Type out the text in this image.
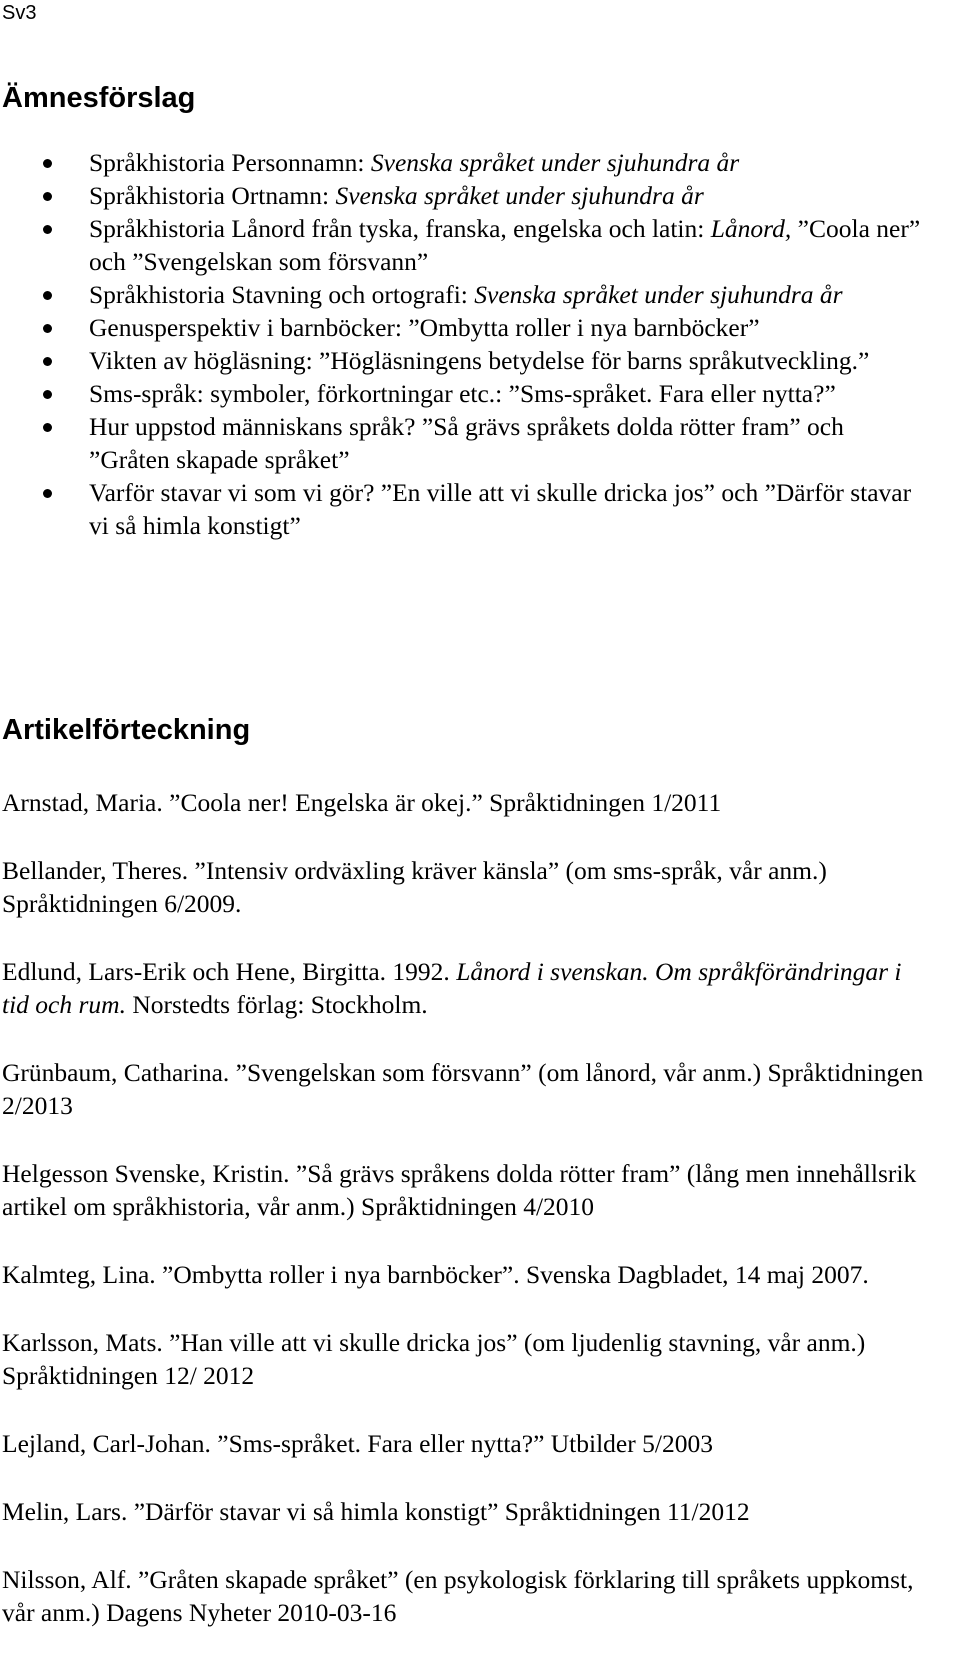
Sv3
Ämnesförslag
Språkhistoria Personnamn: Svenska språket under sjuhundra år
Språkhistoria Ortnamn: Svenska språket under sjuhundra år
Språkhistoria Lånord från tyska, franska, engelska och latin: Lånord, ”Coola ner” och ”Svengelskan som försvann”
Språkhistoria Stavning och ortografi: Svenska språket under sjuhundra år
Genusperspektiv i barnböcker: ”Ombytta roller i nya barnböcker”
Vikten av högläsning: ”Högläsningens betydelse för barns språkutveckling.”
Sms-språk: symboler, förkortningar etc.: ”Sms-språket. Fara eller nytta?”
Hur uppstod människans språk? ”Så grävs språkets dolda rötter fram” och ”Gråten skapade språket”
Varför stavar vi som vi gör? ”En ville att vi skulle dricka jos” och ”Därför stavar vi så himla konstigt”
Artikelförteckning

Arnstad, Maria. ”Coola ner! Engelska är okej.” Språktidningen 1/2011

Bellander, Theres. ”Intensiv ordväxling kräver känsla” (om sms-språk, vår anm.) Språktidningen 6/2009.

Edlund, Lars-Erik och Hene, Birgitta. 1992. Lånord i svenskan. Om språkförändringar i tid och rum. Norstedts förlag: Stockholm.

Grünbaum, Catharina. ”Svengelskan som försvann” (om lånord, vår anm.) Språktidningen 2/2013

Helgesson Svenske, Kristin. ”Så grävs språkens dolda rötter fram” (lång men innehållsrik artikel om språkhistoria, vår anm.) Språktidningen 4/2010

Kalmteg, Lina. ”Ombytta roller i nya barnböcker”. Svenska Dagbladet, 14 maj 2007.

Karlsson, Mats. ”Han ville att vi skulle dricka jos” (om ljudenlig stavning, vår anm.) Språktidningen 12/ 2012

Lejland, Carl-Johan. ”Sms-språket. Fara eller nytta?” Utbilder 5/2003

Melin, Lars. ”Därför stavar vi så himla konstigt” Språktidningen 11/2012

Nilsson, Alf. ”Gråten skapade språket” (en psykologisk förklaring till språkets uppkomst, vår anm.) Dagens Nyheter 2010-03-16
